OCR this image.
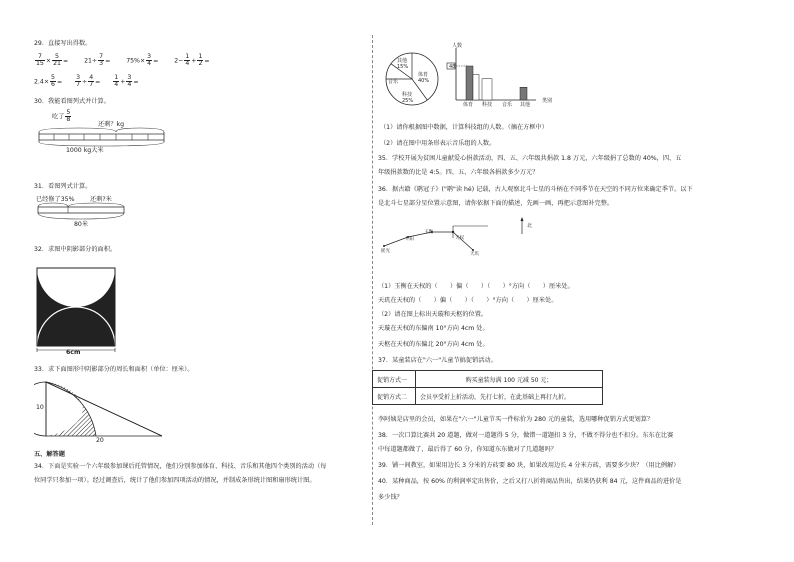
29．直接写出得数。
$\frac{7}{15} \times \frac{5}{21}$ =	$21\div \frac{7}{3}$ =	$75\%\times \frac{3}{4}$ =	$2- \frac{1}{4} + \frac{1}{2}$ =
$2.4\times \frac{5}{6} = \frac{3}{7} \div \frac{4}{7} = \frac{1}{4} + \frac{3}{4}$ =
30．我能看图列式并计算。
吃了 $\frac{5}{8}$
还剩？kg
1000 kg大米
31．看图列式计算。
已经修了35% 还剩?米
80米
32．求图中阴影部分的面积。
6cm
33．求下面图形中阴影部分的周长和面积（单位：厘米）。
10
20
五、解答题
34．下面是实验一个六年级参加课后托管情况，他们分别参加体育、科技、音乐和其他四个类别的活动（每
位同学只参加一项）。经过调查后，统计了他们参加四项活动的情况，并制成条形统计图和扇形统计图。
其他 15%
体育 40%
音乐
科技 25%
人数
48
体育 科技 音乐 其他
类别
（1）请你根据图中数据，计算科技组的人数。（摘在方框中）
（2）请在图中用条形表示音乐组的人数。
35．学校开展为贫困儿童献爱心捐款活动，四、五、六年级共捐款 1.8 万元，六年级捐了总数的 40%，四、五
年级捐款数的比是 4:5。四、五、六年级各捐款多少万元？
36．据古籍《鹖冠子》("鹖"读 hé) 记载，古人观察北斗七星的斗柄在不同季节在天空的不同方位来确定季节。以下
是北斗七星部分星位置示意图，请你依据下面的描述，先画一画，再把示意图补完整。
北
摇光
开阳
玉衡
天权
天玑
（1）玉衡在天权的（　　）偏（　　）（　　）°方向（　　）厘米处。
天玑在天权的（　　）偏（　　）（　　）°方向（　　）厘米处。
（2）请在图上标出天璇和天枢的位置。
天璇在天权的东偏南 10°方向 4cm 处。
天枢在天权的东偏北 20°方向 4cm 处。
37．某童装店在"六一"儿童节搞促销活动。
促销方式一	购买童装每满 100 元减 50 元；
促销方式二	会员享受折上折活动，先打七折，在此基础上再打九折。
李阿姨是店里的会员，如果在"六一"儿童节买一件标价为 280 元的童装，选用哪种促销方式更划算？
38．一次口算比赛共 20 道题，做对一道题得 5 分，做错一道题扣 3 分，不做不得分也不扣分。东东在比赛
中每道题都做了，最后得了 60 分，你知道东东做对了几道题吗？
39．铺一间教室，如果用边长 3 分米的方砖要 80 块，如果改用边长 4 分米方砖，需要多少块？（用比例解）
40．某种商品，按 60% 的利润率定出售价，之后又打八折将商品售出，结果仍获利 84 元，这件商品的进价是
多少钱？
